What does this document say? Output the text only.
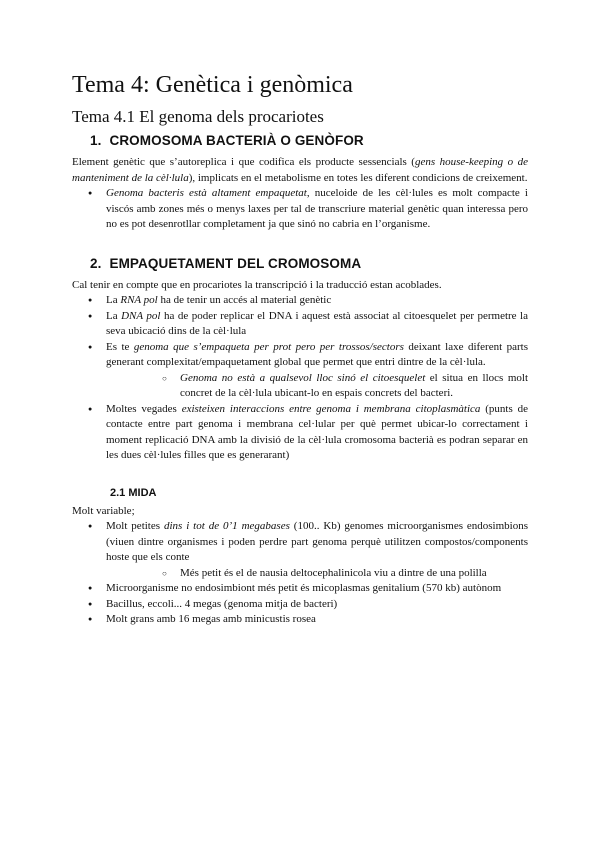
Tema 4: Genètica i genòmica
Tema 4.1 El genoma dels procariotes
1. CROMOSOMA BACTERIÀ O GENÒFOR

Element genètic que s’autoreplica i que codifica els producte sessencials (gens house-keeping o de manteniment de la cèl·lula), implicats en el metabolisme en totes les diferent condicions de creixement.

● Genoma bacteris està altament empaquetat, nuceloide de les cèl·lules es molt compacte i viscós amb zones més o menys laxes per tal de transcriure material genètic quan interessa pero no es pot desenrotllar completament ja que sinó no cabria en l’organisme.
2. EMPAQUETAMENT DEL CROMOSOMA

Cal tenir en compte que en procariotes la transcripció i la traducció estan acoblades.

● La RNA pol ha de tenir un accés al material genètic
● La DNA pol ha de poder replicar el DNA i aquest està associat al citoesquelet per permetre la seva ubicació dins de la cèl·lula
● Es te genoma que s’empaqueta per prot pero per trossos/sectors deixant laxe diferent parts generant complexitat/empaquetament global que permet que entri dintre de la cèl·lula.
○ Genoma no està a qualsevol lloc sinó el citoesquelet el situa en llocs molt concret de la cèl·lula ubicant-lo en espais concrets del bacteri.
● Moltes vegades existeixen interaccions entre genoma i membrana citoplasmàtica (punts de contacte entre part genoma i membrana cel·lular per què permet ubicar-lo correctament i moment replicació DNA amb la divisió de la cèl·lula cromosoma bacterià es podran separar en les dues cèl·lules filles que es generarant)
2.1 MIDA

Molt variable;

● Molt petites dins i tot de 0’1 megabases (100.. Kb) genomes microorganismes endosimbions (viuen dintre organismes i poden perdre part genoma perquè utilitzen compostos/components hoste que els conte
○ Més petit és el de nausia deltocephalinicola viu a dintre de una polilla
● Microorganisme no endosimbiont més petit és micoplasmas genitalium (570 kb) autònom
● Bacillus, eccoli... 4 megas (genoma mitja de bacteri)
● Molt grans amb 16 megas amb minicustis rosea
